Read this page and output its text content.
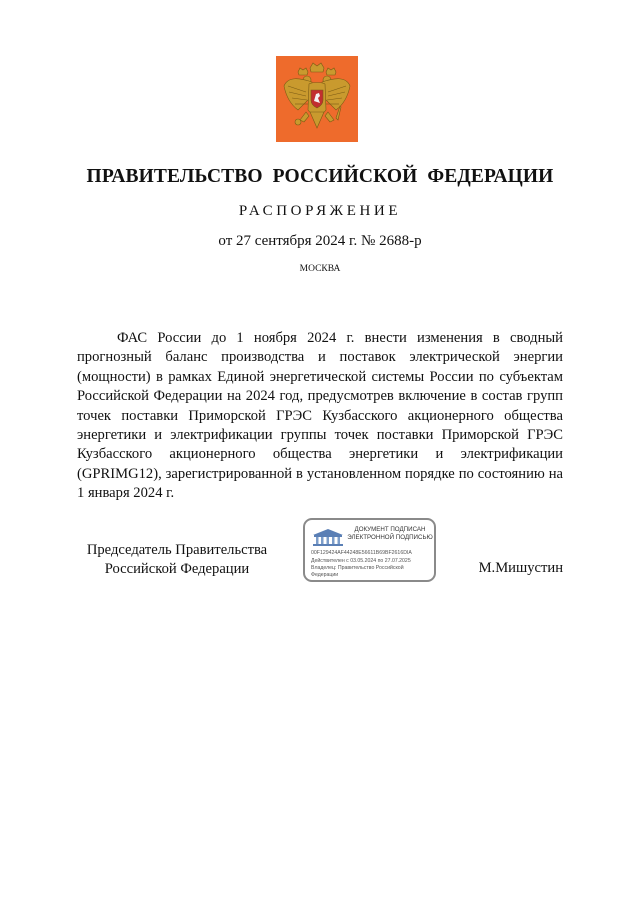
ПРАВИТЕЛЬСТВО РОССИЙСКОЙ ФЕДЕРАЦИИ
РАСПОРЯЖЕНИЕ
от 27 сентября 2024 г. № 2688-р
МОСКВА

ФАС России до 1 ноября 2024 г. внести изменения в сводный прогнозный баланс производства и поставок электрической энергии (мощности) в рамках Единой энергетической системы России по субъектам Российской Федерации на 2024 год, предусмотрев включение в состав групп точек поставки Приморской ГРЭС Кузбасского акционерного общества энергетики и электрификации группы точек поставки Приморской ГРЭС Кузбасского акционерного общества энергетики и электрификации (GPRIMG12), зарегистрированной в установленном порядке по состоянию на 1 января 2024 г.

Председатель Правительства
Российской Федерации
ДОКУМЕНТ ПОДПИСАН
ЭЛЕКТРОННОЙ ПОДПИСЬЮ
00F129424AF44248E56611B69BF2616DIA
Действителен с 03.05.2024 по 27.07.2025
Владелец: Правительство Российской
Федерации	М.Мишустин
